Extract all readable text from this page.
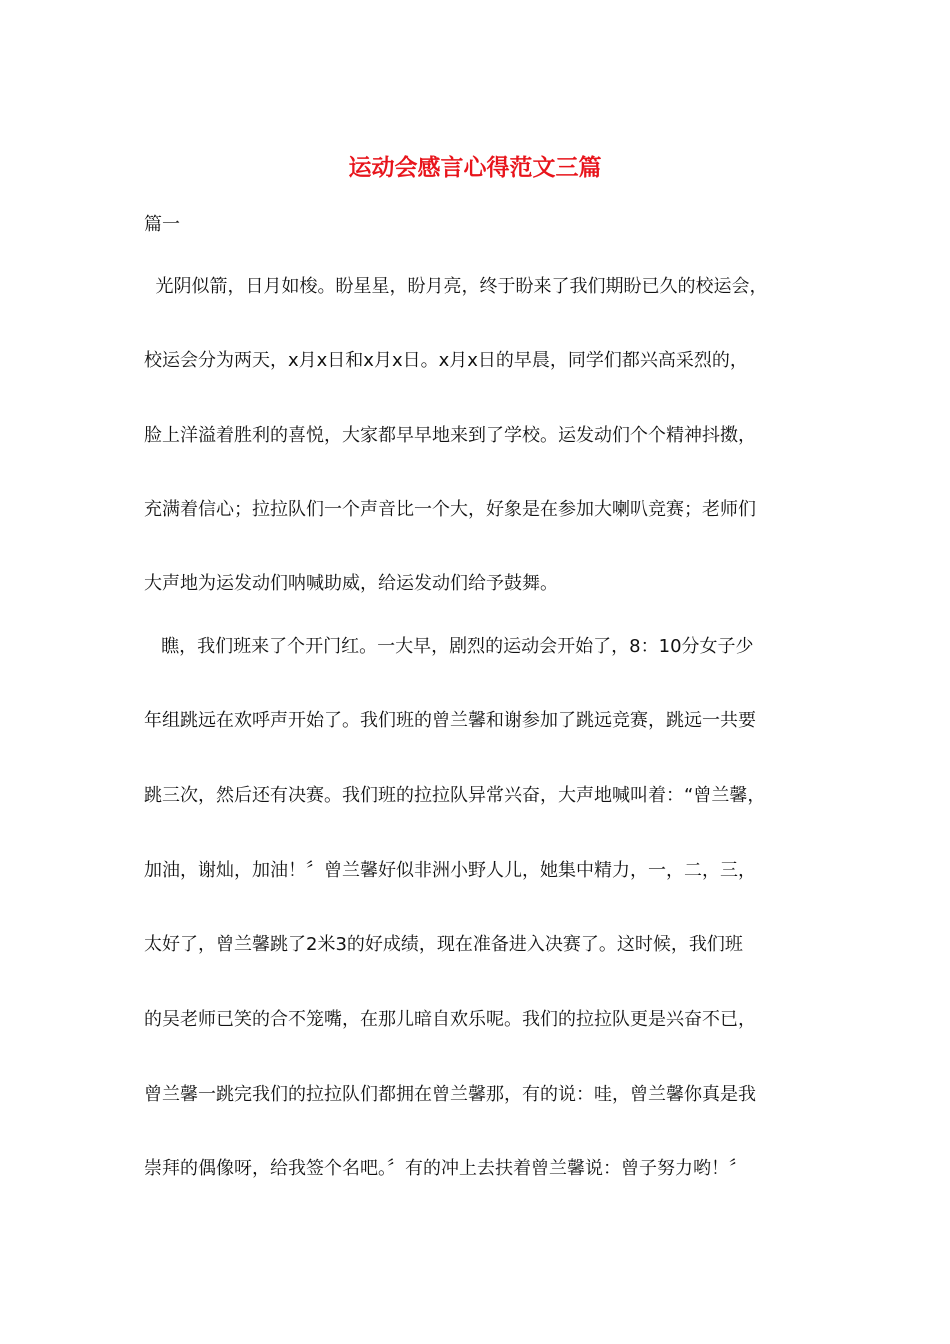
运动会感言心得范文三篇

篇一

光阴似箭，日月如梭。盼星星，盼月亮，终于盼来了我们期盼已久的校运会，

校运会分为两天，x月x日和x月x日。x月x日的早晨，同学们都兴高采烈的，

脸上洋溢着胜利的喜悦，大家都早早地来到了学校。运发动们个个精神抖擞，

充满着信心；拉拉队们一个声音比一个大，好象是在参加大喇叭竞赛；老师们

大声地为运发动们呐喊助威，给运发动们给予鼓舞。

瞧，我们班来了个开门红。一大早，剧烈的运动会开始了，8：10分女子少

年组跳远在欢呼声开始了。我们班的曾兰馨和谢参加了跳远竞赛，跳远一共要

跳三次，然后还有决赛。我们班的拉拉队异常兴奋，大声地喊叫着：“曾兰馨，

加油，谢灿，加油！〞曾兰馨好似非洲小野人儿，她集中精力，一，二，三，

太好了，曾兰馨跳了2米3的好成绩，现在准备进入决赛了。这时候，我们班

的吴老师已笑的合不笼嘴，在那儿暗自欢乐呢。我们的拉拉队更是兴奋不已，

曾兰馨一跳完我们的拉拉队们都拥在曾兰馨那，有的说：哇，曾兰馨你真是我

崇拜的偶像呀，给我签个名吧。〞有的冲上去扶着曾兰馨说：曾子努力哟！〞
